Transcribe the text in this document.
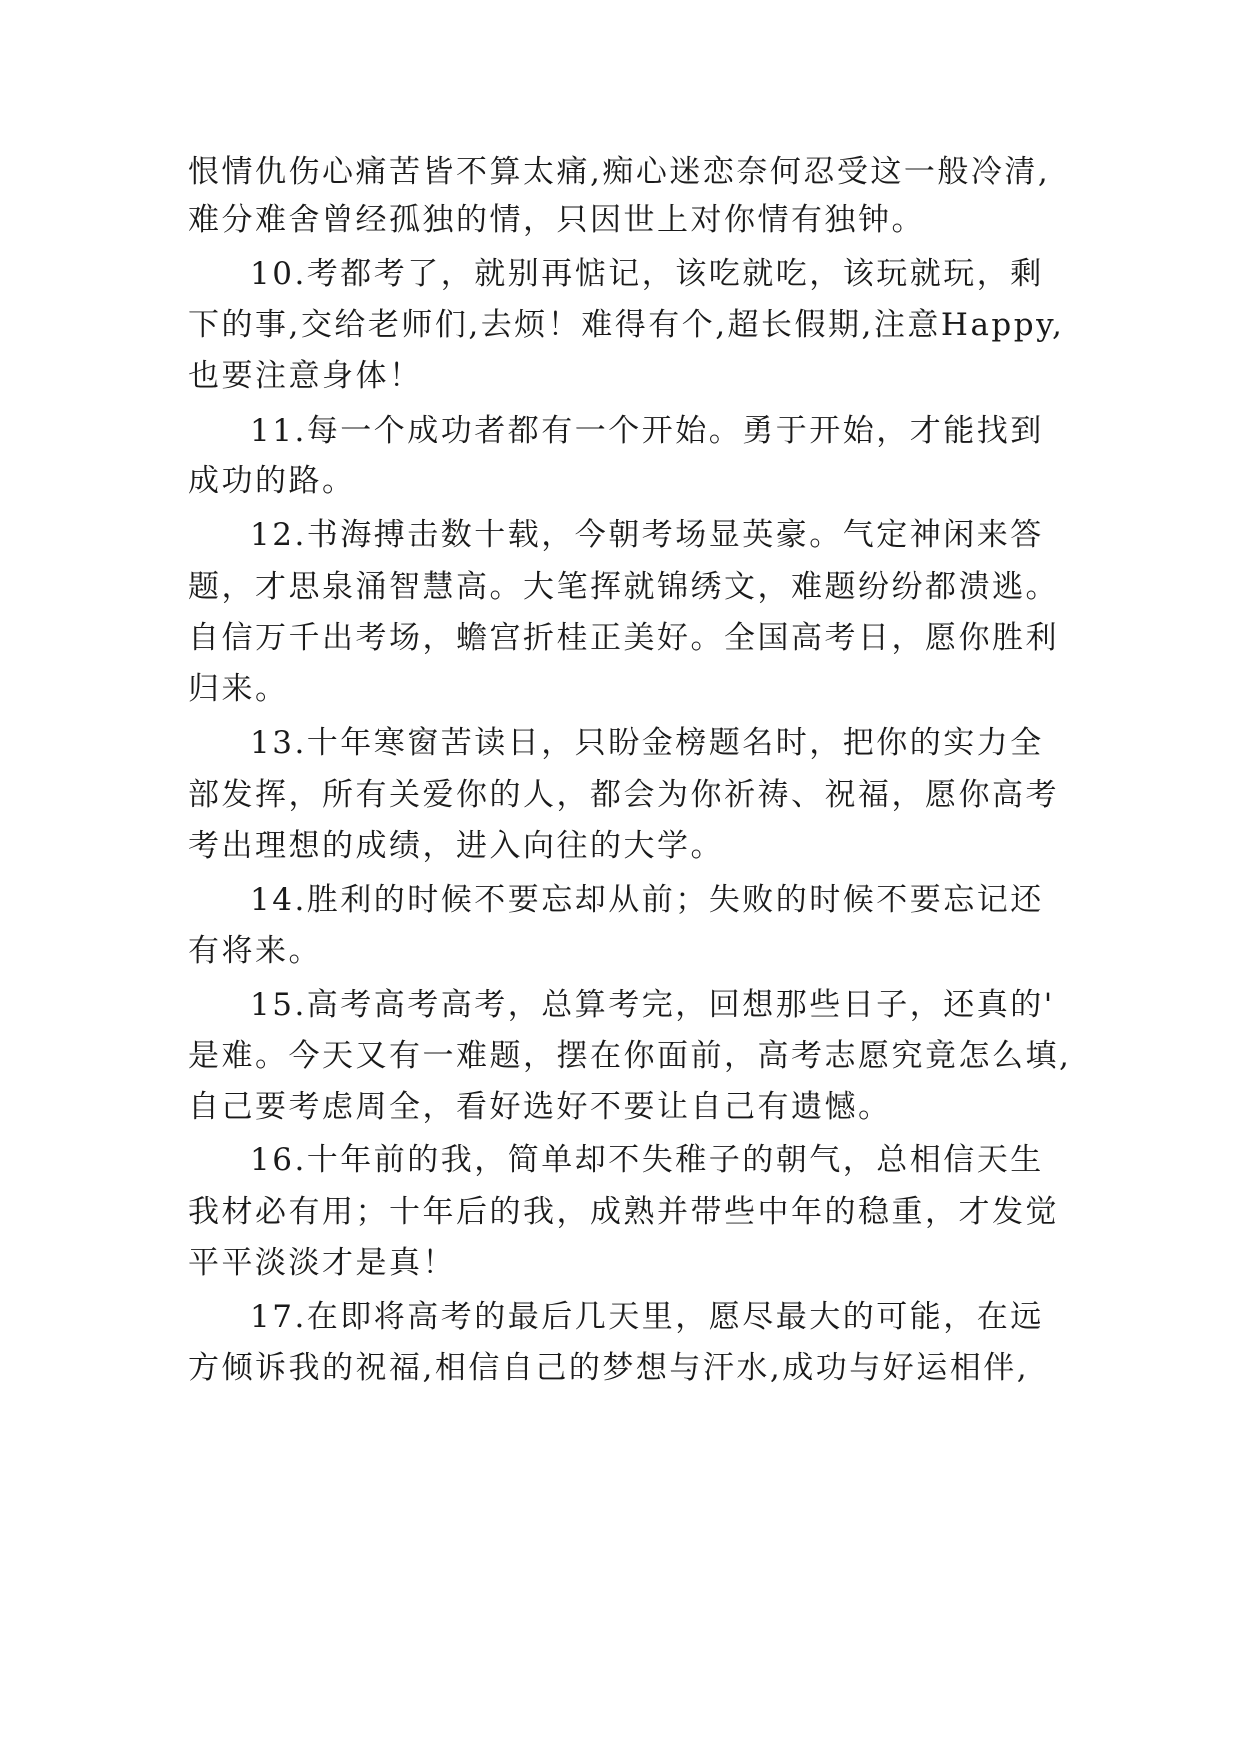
恨情仇伤心痛苦皆不算太痛,痴心迷恋奈何忍受这一般冷清,
难分难舍曾经孤独的情，只因世上对你情有独钟。
10.考都考了，就别再惦记，该吃就吃，该玩就玩，剩
下的事,交给老师们,去烦！难得有个,超长假期,注意Happy,
也要注意身体！
11.每一个成功者都有一个开始。勇于开始，才能找到
成功的路。
12.书海搏击数十载，今朝考场显英豪。气定神闲来答
题，才思泉涌智慧高。大笔挥就锦绣文，难题纷纷都溃逃。
自信万千出考场，蟾宫折桂正美好。全国高考日，愿你胜利
归来。
13.十年寒窗苦读日，只盼金榜题名时，把你的实力全
部发挥，所有关爱你的人，都会为你祈祷、祝福，愿你高考
考出理想的成绩，进入向往的大学。
14.胜利的时候不要忘却从前；失败的时候不要忘记还
有将来。
15.高考高考高考，总算考完，回想那些日子，还真的'
是难。今天又有一难题，摆在你面前，高考志愿究竟怎么填,
自己要考虑周全，看好选好不要让自己有遗憾。
16.十年前的我，简单却不失稚子的朝气，总相信天生
我材必有用；十年后的我，成熟并带些中年的稳重，才发觉
平平淡淡才是真！
17.在即将高考的最后几天里，愿尽最大的可能，在远
方倾诉我的祝福,相信自己的梦想与汗水,成功与好运相伴,
